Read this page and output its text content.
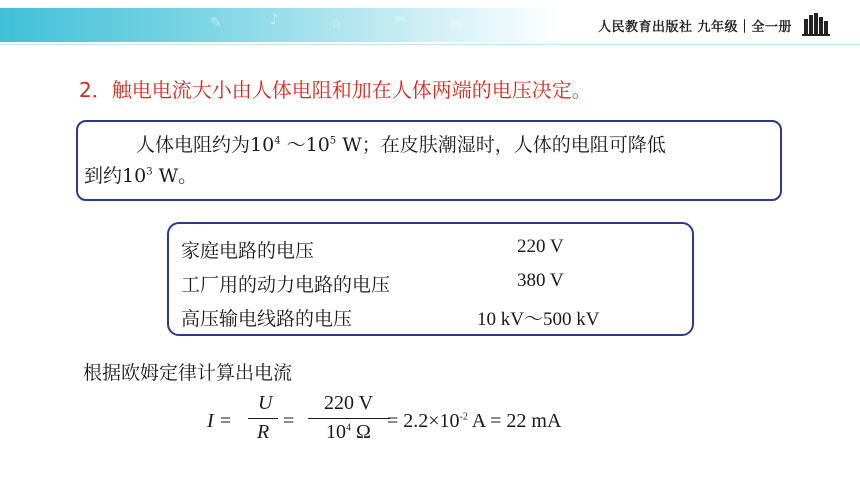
✎	♪	☆	✂	◎	人民教育出版社 九年级｜全一册
2．触电电流大小由人体电阻和加在人体两端的电压决定。
人体电阻约为$10^4$ $\sim 10^5$ W；在皮肤潮湿时，人体的电阻可降低
到约$10^3$ W。
家庭电路的电压	220 V
工厂用的动力电路的电压	380 V
高压输电线路的电压	10 kV～500 kV
根据欧姆定律计算出电流
I =
U
R =
220 V
$10^4$ $\Omega = 2.2\times 10^{-2}$ A = 22 mA
